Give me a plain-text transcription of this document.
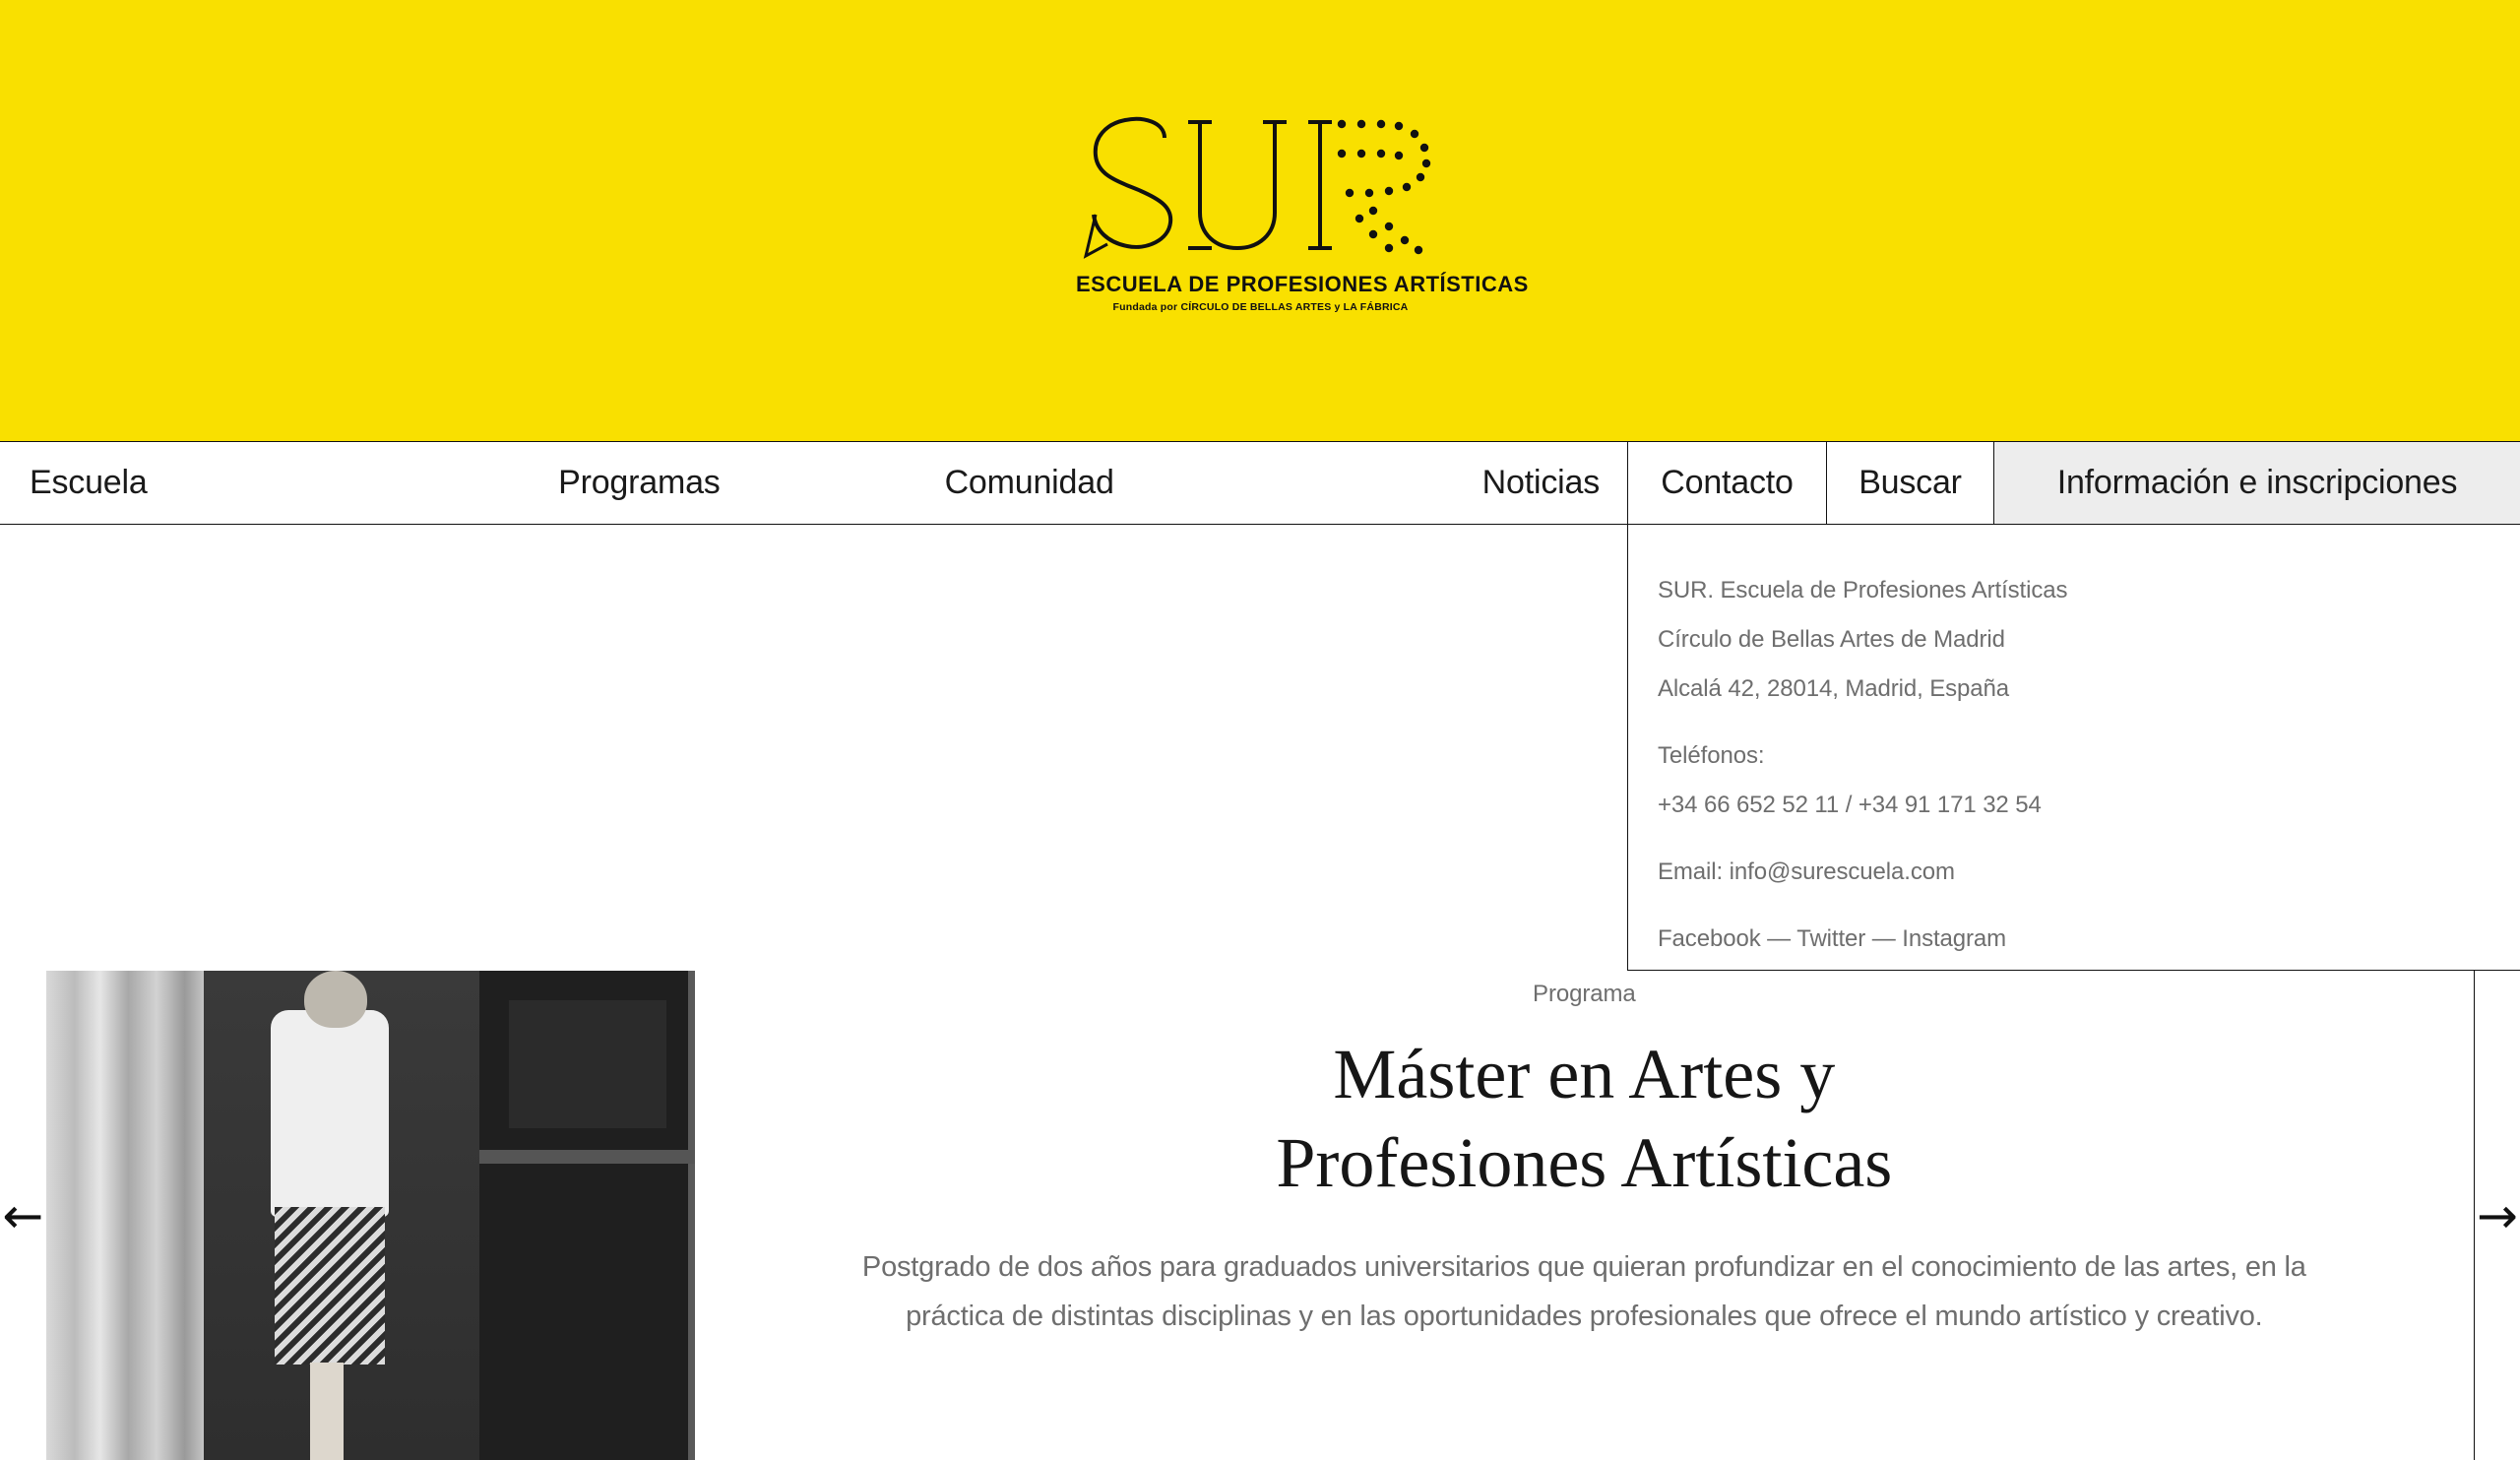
ESCUELA DE PROFESIONES ARTÍSTICAS
Fundada por CÍRCULO DE BELLAS ARTES y LA FÁBRICA
Escuela	Programas	Comunidad	Noticias	Contacto	Buscar	Información e inscripciones
SUR. Escuela de Profesiones Artísticas
Círculo de Bellas Artes de Madrid
Alcalá 42, 28014, Madrid, España
Teléfonos:
+34 66 652 52 11 / +34 91 171 32 54
Email: info@surescuela.com
Facebook — Twitter — Instagram
←
Programa
Máster en Artes y
Profesiones Artísticas

Postgrado de dos años para graduados universitarios que quieran profundizar en el conocimiento de las artes, en la práctica de distintas disciplinas y en las oportunidades profesionales que ofrece el mundo artístico y creativo.

→
